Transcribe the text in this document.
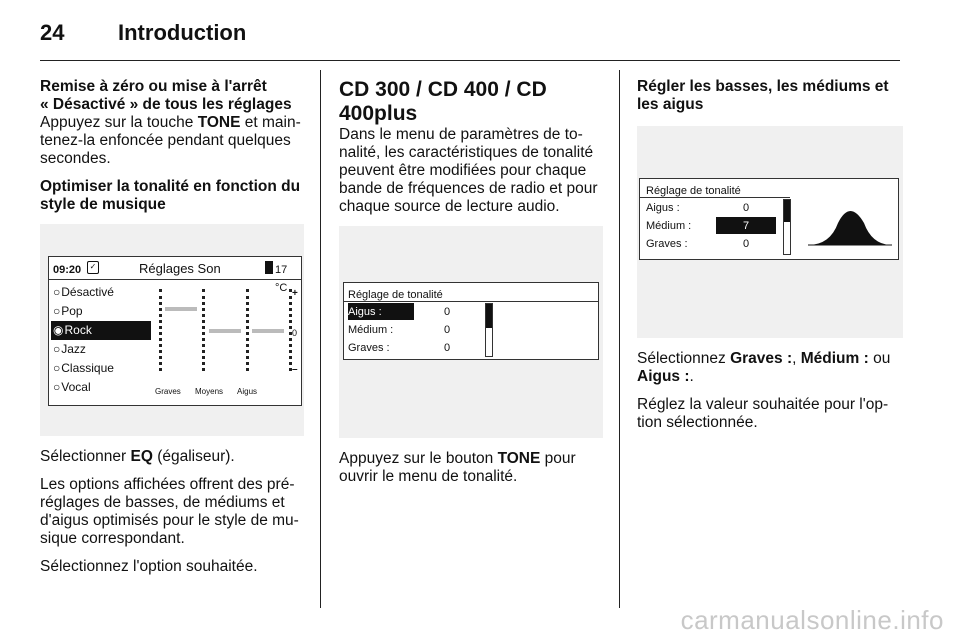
24 Introduction

Remise à zéro ou mise à l'arrêt
« Désactivé » de tous les réglages

Appuyez sur la touche TONE et main-tenez-la enfoncée pendant quelques secondes.

Optimiser la tonalité en fonction du style de musique

09:20	✓	Réglages Son	17 °C
○Désactivé
○Pop
◉Rock
○Jazz
○Classique
○Vocal
+
0
–
Graves Moyens Aigus

Sélectionner EQ (égaliseur).

Les options affichées offrent des pré-réglages de basses, de médiums et d'aigus optimisés pour le style de mu-sique correspondant.

Sélectionnez l'option souhaitée.

CD 300 / CD 400 / CD 400plus

Dans le menu de paramètres de to-nalité, les caractéristiques de tonalité peuvent être modifiées pour chaque bande de fréquences de radio et pour chaque source de lecture audio.

Réglage de tonalité
Aigus :	0
Médium :	0
Graves :	0

Appuyez sur le bouton TONE pour ouvrir le menu de tonalité.

Régler les basses, les médiums et les aigus

Réglage de tonalité
Aigus :	0
Médium :	7
Graves :	0

Sélectionnez Graves :, Médium : ou Aigus :.

Réglez la valeur souhaitée pour l'op-tion sélectionnée.

carmanualsonline.info
